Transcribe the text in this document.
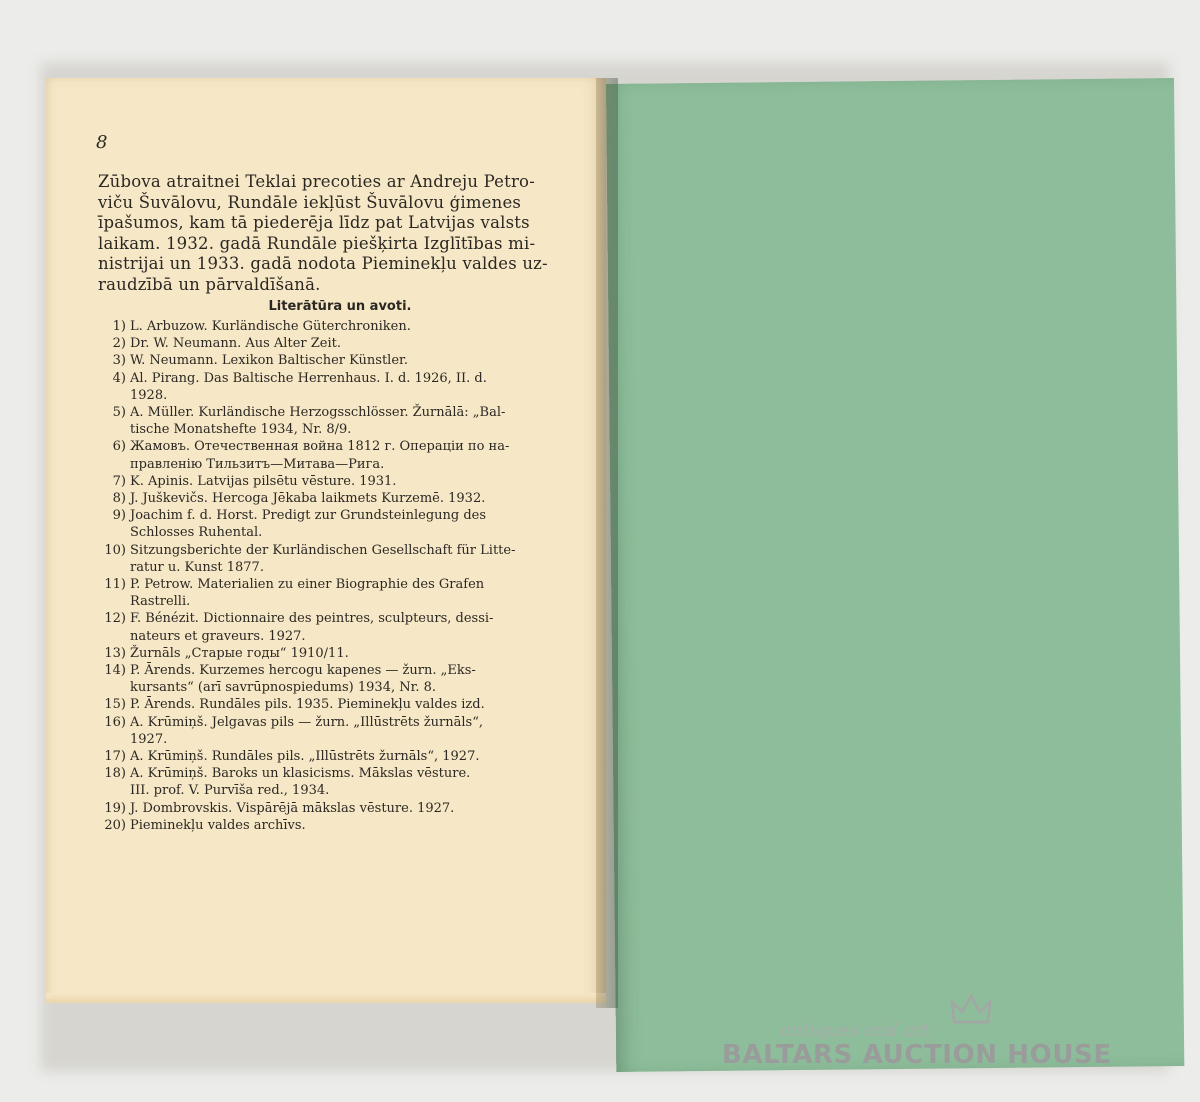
8
Zūbova atraitnei Teklai precoties ar Andreju Petro-
viču Šuvālovu, Rundāle iekļūst Šuvālovu ģimenes
īpašumos, kam tā piederēja līdz pat Latvijas valsts
laikam. 1932. gadā Rundāle piešķirta Izglītības mi-
nistrijai un 1933. gadā nodota Pieminekļu valdes uz-
raudzībā un pārvaldīšanā.
Literātūra un avoti.
1) L. Arbuzow. Kurländische Güterchroniken.
2) Dr. W. Neumann. Aus Alter Zeit.
3) W. Neumann. Lexikon Baltischer Künstler.
4) Al. Pirang. Das Baltische Herrenhaus. I. d. 1926, II. d.
1928.
5) A. Müller. Kurländische Herzogsschlösser. Žurnālā: „Bal-
tische Monatshefte 1934, Nr. 8/9.
6) Жамовъ. Отечественная война 1812 г. Операціи по на-
правленію Тильзитъ—Митава—Рига.
7) K. Apinis. Latvijas pilsētu vēsture. 1931.
8) J. Juškevičs. Hercoga Jēkaba laikmets Kurzemē. 1932.
9) Joachim f. d. Horst. Predigt zur Grundsteinlegung des
Schlosses Ruhental.
10) Sitzungsberichte der Kurländischen Gesellschaft für Litte-
ratur u. Kunst 1877.
11) P. Petrow. Materialien zu einer Biographie des Grafen
Rastrelli.
12) F. Bénézit. Dictionnaire des peintres, sculpteurs, dessi-
nateurs et graveurs. 1927.
13) Žurnāls „Старые годы“ 1910/11.
14) P. Ārends. Kurzemes hercogu kapenes — žurn. „Eks-
kursants“ (arī savrūpnospiedums) 1934, Nr. 8.
15) P. Ārends. Rundāles pils. 1935. Pieminekļu valdes izd.
16) A. Krūmiņš. Jelgavas pils — žurn. „Illūstrēts žurnāls“,
1927.
17) A. Krūmiņš. Rundāles pils. „Illūstrēts žurnāls“, 1927.
18) A. Krūmiņš. Baroks un klasicisms. Mākslas vēsture.
III. prof. V. Purvīša red., 1934.
19) J. Dombrovskis. Vispārējā mākslas vēsture. 1927.
20) Pieminekļu valdes archīvs.
antiques and art
BALTARS AUCTION HOUSE
